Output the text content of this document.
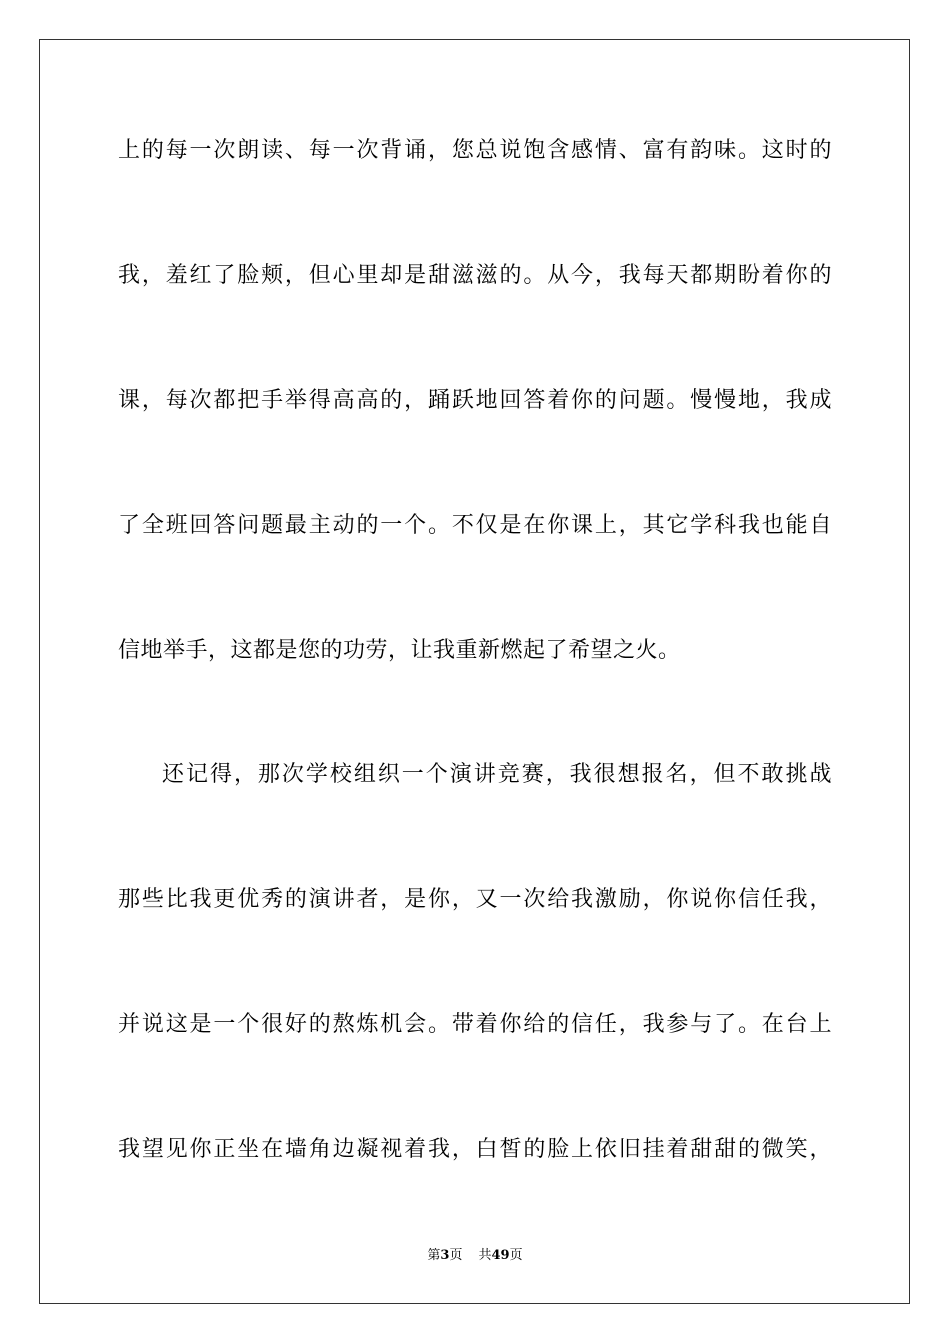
上的每一次朗读、每一次背诵，您总说饱含感情、富有韵味。这时的
我，羞红了脸颊，但心里却是甜滋滋的。从今，我每天都期盼着你的
课，每次都把手举得高高的，踊跃地回答着你的问题。慢慢地，我成
了全班回答问题最主动的一个。不仅是在你课上，其它学科我也能自
信地举手，这都是您的功劳，让我重新燃起了希望之火。
还记得，那次学校组织一个演讲竞赛，我很想报名，但不敢挑战
那些比我更优秀的演讲者，是你，又一次给我激励，你说你信任我，
并说这是一个很好的熬炼机会。带着你给的信任，我参与了。在台上
我望见你正坐在墙角边凝视着我，白皙的脸上依旧挂着甜甜的微笑，
第3页 共49页
